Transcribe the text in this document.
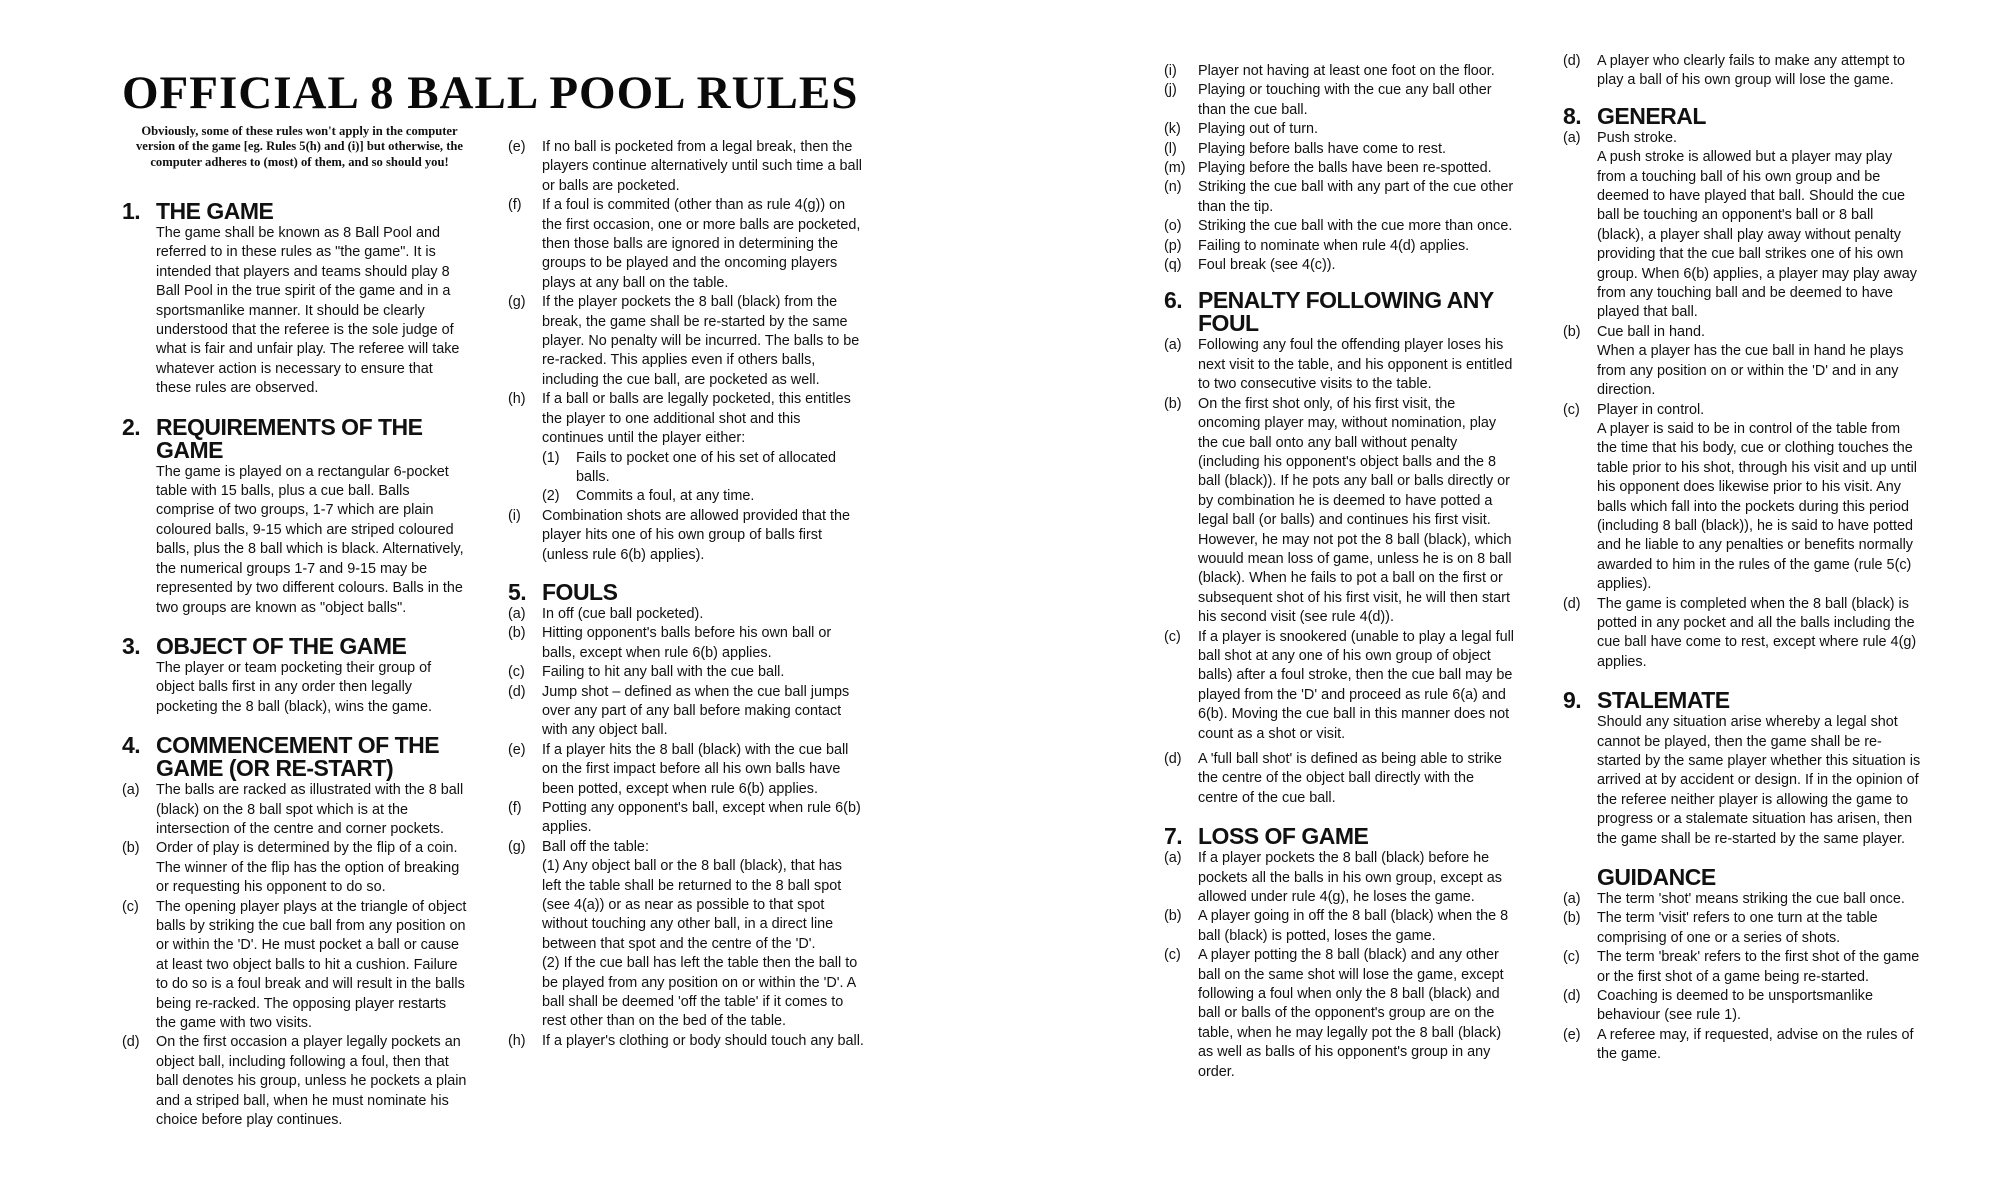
OFFICIAL 8 BALL POOL RULES
Obviously, some of these rules won't apply in the computer version of the game [eg. Rules 5(h) and (i)] but otherwise, the computer adheres to (most) of them, and so should you!
1. THE GAME
The game shall be known as 8 Ball Pool and referred to in these rules as "the game". It is intended that players and teams should play 8 Ball Pool in the true spirit of the game and in a sportsmanlike manner. It should be clearly understood that the referee is the sole judge of what is fair and unfair play. The referee will take whatever action is necessary to ensure that these rules are observed.
2. REQUIREMENTS OF THE GAME
The game is played on a rectangular 6-pocket table with 15 balls, plus a cue ball. Balls comprise of two groups, 1-7 which are plain coloured balls, 9-15 which are striped coloured balls, plus the 8 ball which is black. Alternatively, the numerical groups 1-7 and 9-15 may be represented by two different colours. Balls in the two groups are known as "object balls".
3. OBJECT OF THE GAME
The player or team pocketing their group of object balls first in any order then legally pocketing the 8 ball (black), wins the game.
4. COMMENCEMENT OF THE GAME (OR RE-START)
(a)	The balls are racked as illustrated with the 8 ball (black) on the 8 ball spot which is at the intersection of the centre and corner pockets.
(b)	Order of play is determined by the flip of a coin. The winner of the flip has the option of breaking or requesting his opponent to do so.
(c)	The opening player plays at the triangle of object balls by striking the cue ball from any position on or within the 'D'. He must pocket a ball or cause at least two object balls to hit a cushion. Failure to do so is a foul break and will result in the balls being re-racked. The opposing player restarts the game with two visits.
(d)	On the first occasion a player legally pockets an object ball, including following a foul, then that ball denotes his group, unless he pockets a plain and a striped ball, when he must nominate his choice before play continues.
(e)	If no ball is pocketed from a legal break, then the players continue alternatively until such time a ball or balls are pocketed.
(f)	If a foul is commited (other than as rule 4(g)) on the first occasion, one or more balls are pocketed, then those balls are ignored in determining the groups to be played and the oncoming players plays at any ball on the table.
(g)	If the player pockets the 8 ball (black) from the break, the game shall be re-started by the same player. No penalty will be incurred. The balls to be re-racked. This applies even if others balls, including the cue ball, are pocketed as well.
(h)	If a ball or balls are legally pocketed, this entitles the player to one additional shot and this continues until the player either:
(1)	Fails to pocket one of his set of allocated balls.
(2)	Commits a foul, at any time.
(i)	Combination shots are allowed provided that the player hits one of his own group of balls first (unless rule 6(b) applies).
5. FOULS
(a)	In off (cue ball pocketed).
(b)	Hitting opponent's balls before his own ball or balls, except when rule 6(b) applies.
(c)	Failing to hit any ball with the cue ball.
(d)	Jump shot – defined as when the cue ball jumps over any part of any ball before making contact with any object ball.
(e)	If a player hits the 8 ball (black) with the cue ball on the first impact before all his own balls have been potted, except when rule 6(b) applies.
(f)	Potting any opponent's ball, except when rule 6(b) applies.
(g)	Ball off the table:
(1) Any object ball or the 8 ball (black), that has left the table shall be returned to the 8 ball spot (see 4(a)) or as near as possible to that spot without touching any other ball, in a direct line between that spot and the centre of the 'D'.
(2) If the cue ball has left the table then the ball to be played from any position on or within the 'D'. A ball shall be deemed 'off the table' if it comes to rest other than on the bed of the table.
(h)	If a player's clothing or body should touch any ball.
(i)	Player not having at least one foot on the floor.
(j)	Playing or touching with the cue any ball other than the cue ball.
(k)	Playing out of turn.
(l)	Playing before balls have come to rest.
(m) Playing before the balls have been re-spotted.
(n)	Striking the cue ball with any part of the cue other than the tip.
(o)	Striking the cue ball with the cue more than once.
(p)	Failing to nominate when rule 4(d) applies.
(q)	Foul break (see 4(c)).
6. PENALTY FOLLOWING ANY FOUL
(a)	Following any foul the offending player loses his next visit to the table, and his opponent is entitled to two consecutive visits to the table.
(b)	On the first shot only, of his first visit, the oncoming player may, without nomination, play the cue ball onto any ball without penalty (including his opponent's object balls and the 8 ball (black)). If he pots any ball or balls directly or by combination he is deemed to have potted a legal ball (or balls) and continues his first visit. However, he may not pot the 8 ball (black), which wouuld mean loss of game, unless he is on 8 ball (black). When he fails to pot a ball on the first or subsequent shot of his first visit, he will then start his second visit (see rule 4(d)).
(c)	If a player is snookered (unable to play a legal full ball shot at any one of his own group of object balls) after a foul stroke, then the cue ball may be played from the 'D' and proceed as rule 6(a) and 6(b). Moving the cue ball in this manner does not count as a shot or visit.
(d)	A 'full ball shot' is defined as being able to strike the centre of the object ball directly with the centre of the cue ball.
7. LOSS OF GAME
(a)	If a player pockets the 8 ball (black) before he pockets all the balls in his own group, except as allowed under rule 4(g), he loses the game.
(b)	A player going in off the 8 ball (black) when the 8 ball (black) is potted, loses the game.
(c)	A player potting the 8 ball (black) and any other ball on the same shot will lose the game, except following a foul when only the 8 ball (black) and ball or balls of the opponent's group are on the table, when he may legally pot the 8 ball (black) as well as balls of his opponent's group in any order.
(d)	A player who clearly fails to make any attempt to play a ball of his own group will lose the game.
8. GENERAL
(a)	Push stroke.
A push stroke is allowed but a player may play from a touching ball of his own group and be deemed to have played that ball. Should the cue ball be touching an opponent's ball or 8 ball (black), a player shall play away without penalty providing that the cue ball strikes one of his own group. When 6(b) applies, a player may play away from any touching ball and be deemed to have played that ball.
(b)	Cue ball in hand.
When a player has the cue ball in hand he plays from any position on or within the 'D' and in any direction.
(c)	Player in control.
A player is said to be in control of the table from the time that his body, cue or clothing touches the table prior to his shot, through his visit and up until his opponent does likewise prior to his visit. Any balls which fall into the pockets during this period (including 8 ball (black)), he is said to have potted and he liable to any penalties or benefits normally awarded to him in the rules of the game (rule 5(c) applies).
(d)	The game is completed when the 8 ball (black) is potted in any pocket and all the balls including the cue ball have come to rest, except where rule 4(g) applies.
9. STALEMATE
Should any situation arise whereby a legal shot cannot be played, then the game shall be re-started by the same player whether this situation is arrived at by accident or design. If in the opinion of the referee neither player is allowing the game to progress or a stalemate situation has arisen, then the game shall be re-started by the same player.
GUIDANCE
(a)	The term 'shot' means striking the cue ball once.
(b)	The term 'visit' refers to one turn at the table comprising of one or a series of shots.
(c)	The term 'break' refers to the first shot of the game or the first shot of a game being re-started.
(d)	Coaching is deemed to be unsportsmanlike behaviour (see rule 1).
(e)	A referee may, if requested, advise on the rules of the game.
